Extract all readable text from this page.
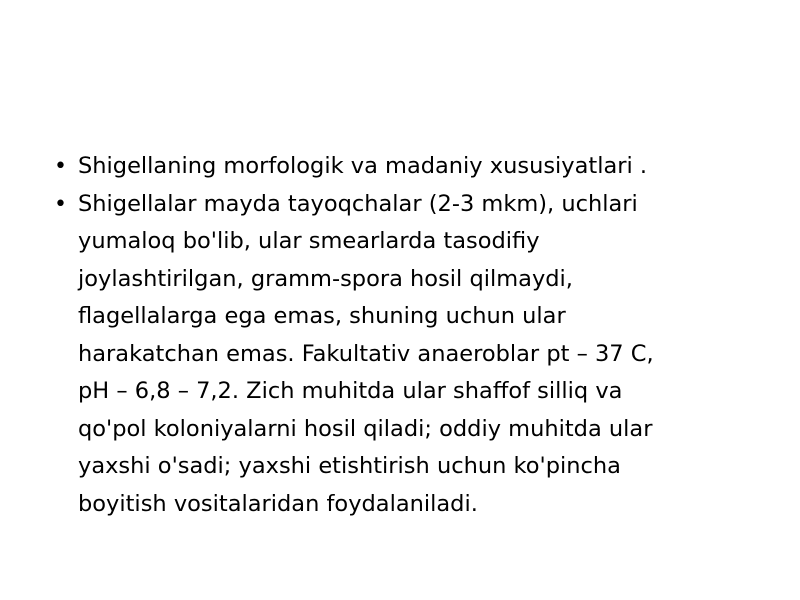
• Shigellaning morfologik va madaniy xususiyatlari .
• Shigellalar mayda tayoqchalar (2-3 mkm), uchlari
yumaloq bo'lib, ular smearlarda tasodifiy
joylashtirilgan, gramm-spora hosil qilmaydi,
flagellalarga ega emas, shuning uchun ular
harakatchan emas. Fakultativ anaeroblar pt – 37 C,
pH – 6,8 – 7,2. Zich muhitda ular shaffof silliq va
qo'pol koloniyalarni hosil qiladi; oddiy muhitda ular
yaxshi o'sadi; yaxshi etishtirish uchun ko'pincha
boyitish vositalaridan foydalaniladi.
